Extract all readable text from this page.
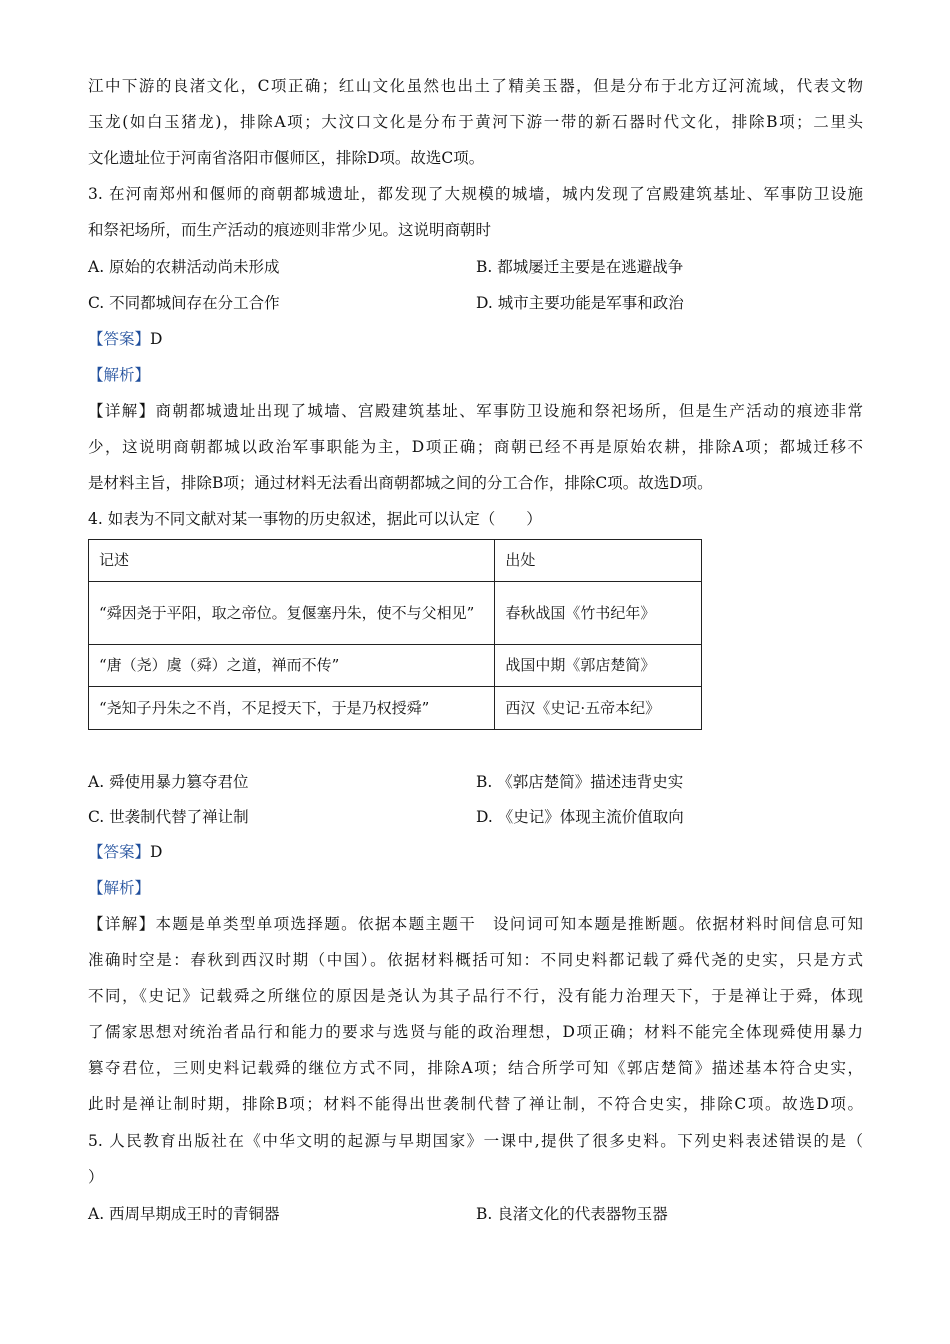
江中下游的良渚文化，C项正确；红山文化虽然也出土了精美玉器，但是分布于北方辽河流域，代表文物
玉龙(如白玉猪龙)，排除A项；大汶口文化是分布于黄河下游一带的新石器时代文化，排除B项；二里头
文化遗址位于河南省洛阳市偃师区，排除D项。故选C项。
3. 在河南郑州和偃师的商朝都城遗址，都发现了大规模的城墙，城内发现了宫殿建筑基址、军事防卫设施
和祭祀场所，而生产活动的痕迹则非常少见。这说明商朝时
A. 原始的农耕活动尚未形成	B. 都城屡迁主要是在逃避战争
C. 不同都城间存在分工合作	D. 城市主要功能是军事和政治
【答案】D
【解析】
【详解】商朝都城遗址出现了城墙、宫殿建筑基址、军事防卫设施和祭祀场所，但是生产活动的痕迹非常
少，这说明商朝都城以政治军事职能为主，D项正确；商朝已经不再是原始农耕，排除A项；都城迁移不
是材料主旨，排除B项；通过材料无法看出商朝都城之间的分工合作，排除C项。故选D项。
4. 如表为不同文献对某一事物的历史叙述，据此可以认定（　　）
记述	出处
“舜因尧于平阳，取之帝位。复偃塞丹朱，使不与父相见”	春秋战国《竹书纪年》
“唐（尧）虞（舜）之道，禅而不传”	战国中期《郭店楚简》
“尧知子丹朱之不肖，不足授天下，于是乃权授舜”	西汉《史记·五帝本纪》
A. 舜使用暴力篡夺君位	B. 《郭店楚简》描述违背史实
C. 世袭制代替了禅让制	D. 《史记》体现主流价值取向
【答案】D
【解析】
【详解】本题是单类型单项选择题。依据本题主题干　设问词可知本题是推断题。依据材料时间信息可知
准确时空是：春秋到西汉时期（中国）。依据材料概括可知：不同史料都记载了舜代尧的史实，只是方式
不同，《史记》记载舜之所继位的原因是尧认为其子品行不行，没有能力治理天下，于是禅让于舜，体现
了儒家思想对统治者品行和能力的要求与选贤与能的政治理想，D项正确；材料不能完全体现舜使用暴力
篡夺君位，三则史料记载舜的继位方式不同，排除A项；结合所学可知《郭店楚简》描述基本符合史实，
此时是禅让制时期，排除B项；材料不能得出世袭制代替了禅让制，不符合史实，排除C项。故选D项。
5. 人民教育出版社在《中华文明的起源与早期国家》一课中,提供了很多史料。下列史料表述错误的是（
）
A. 西周早期成王时的青铜器	B. 良渚文化的代表器物玉器
